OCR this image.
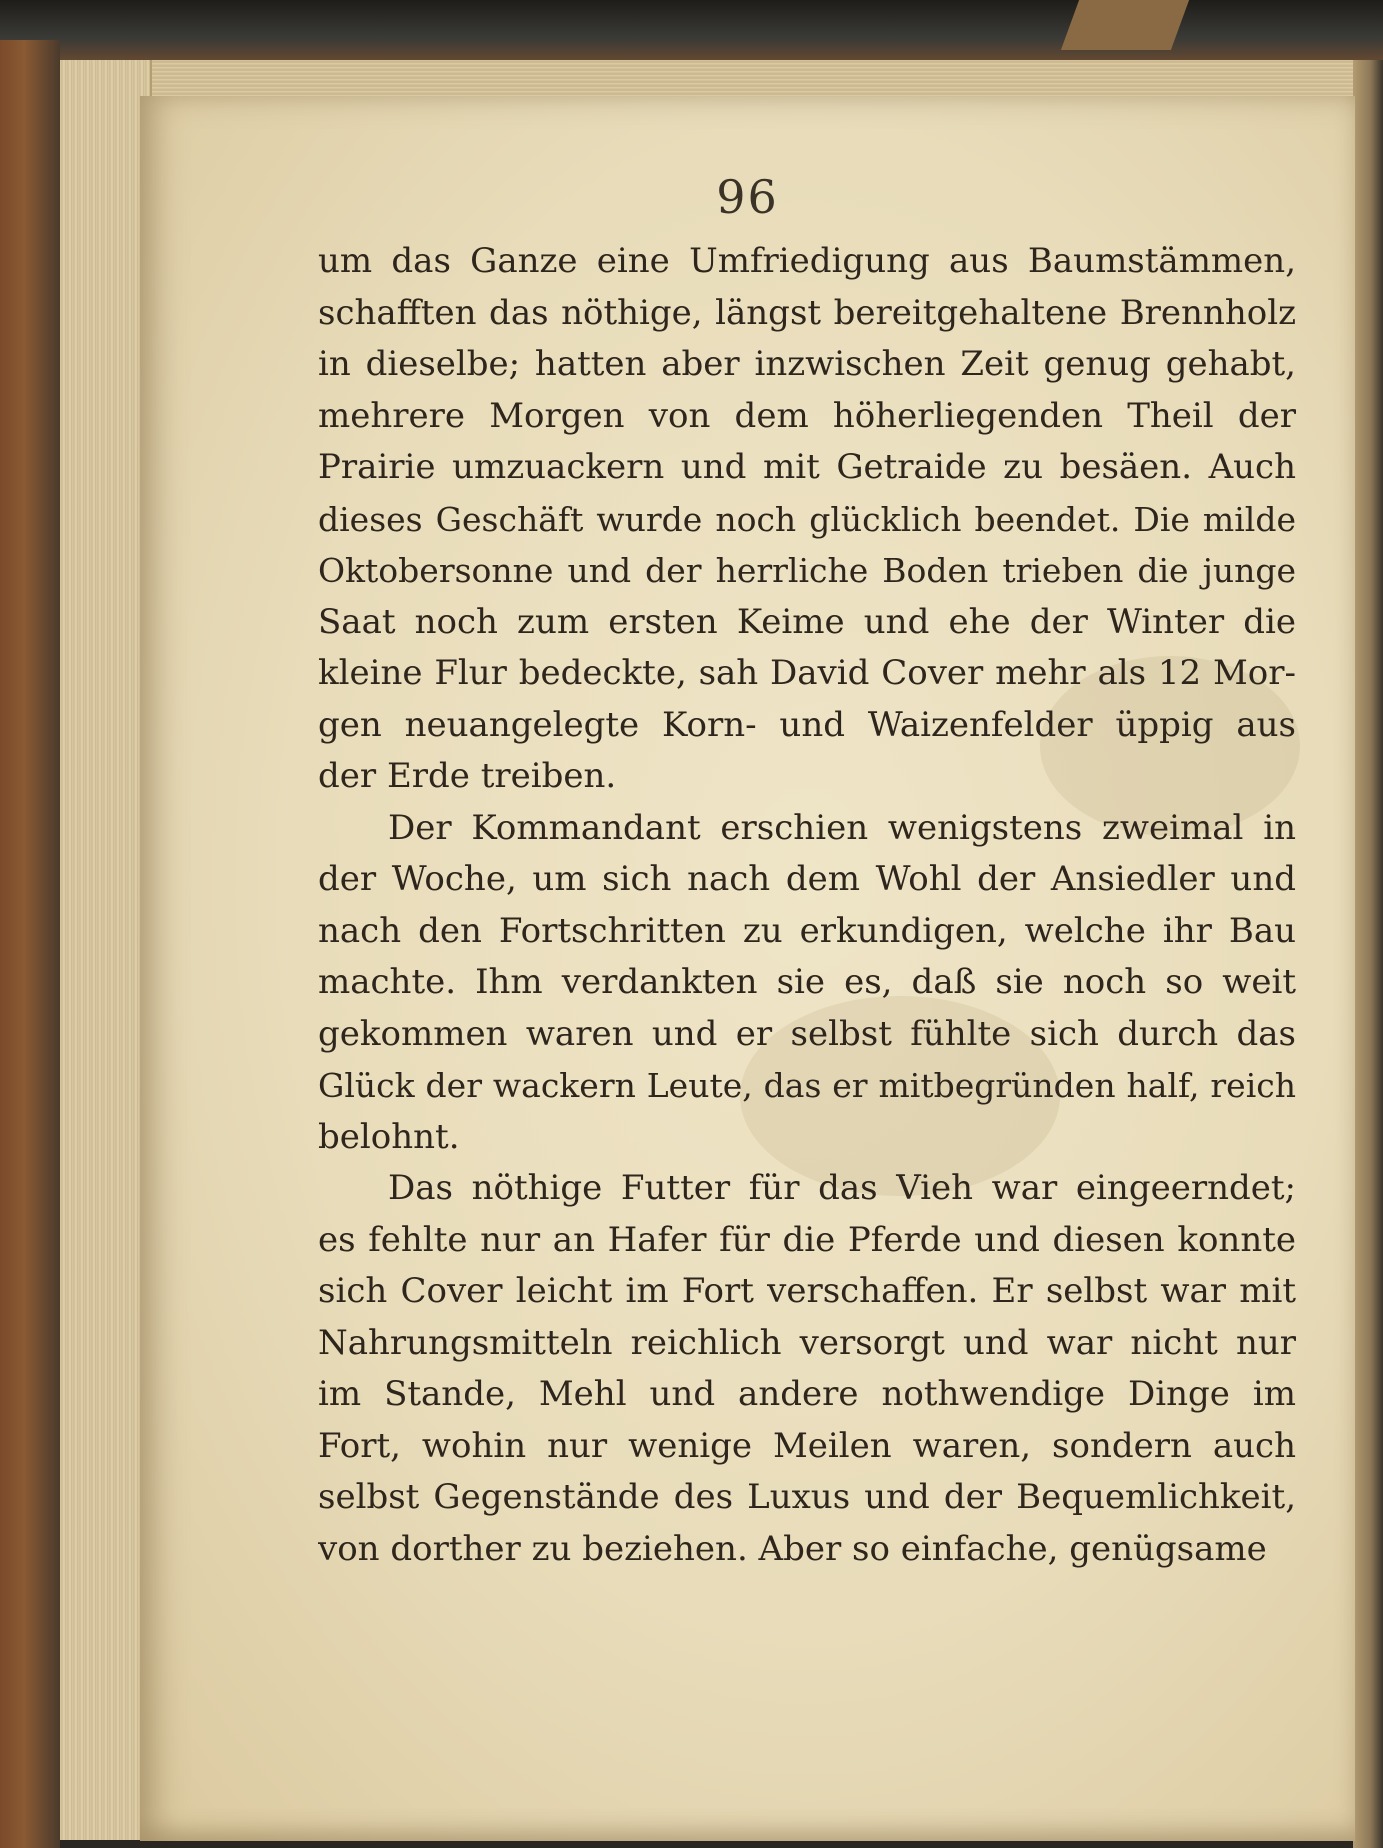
96
um das Ganze eine Umfriedigung aus Baumstämmen,
schafften das nöthige, längst bereitgehaltene Brennholz
in dieselbe; hatten aber inzwischen Zeit genug gehabt,
mehrere Morgen von dem höherliegenden Theil der
Prairie umzuackern und mit Getraide zu besäen. Auch
dieses Geschäft wurde noch glücklich beendet. Die milde
Oktobersonne und der herrliche Boden trieben die junge
Saat noch zum ersten Keime und ehe der Winter die
kleine Flur bedeckte, sah David Cover mehr als 12 Mor-
gen neuangelegte Korn- und Waizenfelder üppig aus
der Erde treiben.
Der Kommandant erschien wenigstens zweimal in
der Woche, um sich nach dem Wohl der Ansiedler und
nach den Fortschritten zu erkundigen, welche ihr Bau
machte. Ihm verdankten sie es, daß sie noch so weit
gekommen waren und er selbst fühlte sich durch das
Glück der wackern Leute, das er mitbegründen half, reich
belohnt.
Das nöthige Futter für das Vieh war eingeerndet;
es fehlte nur an Hafer für die Pferde und diesen konnte
sich Cover leicht im Fort verschaffen. Er selbst war mit
Nahrungsmitteln reichlich versorgt und war nicht nur
im Stande, Mehl und andere nothwendige Dinge im
Fort, wohin nur wenige Meilen waren, sondern auch
selbst Gegenstände des Luxus und der Bequemlichkeit,
von dorther zu beziehen. Aber so einfache, genügsame
